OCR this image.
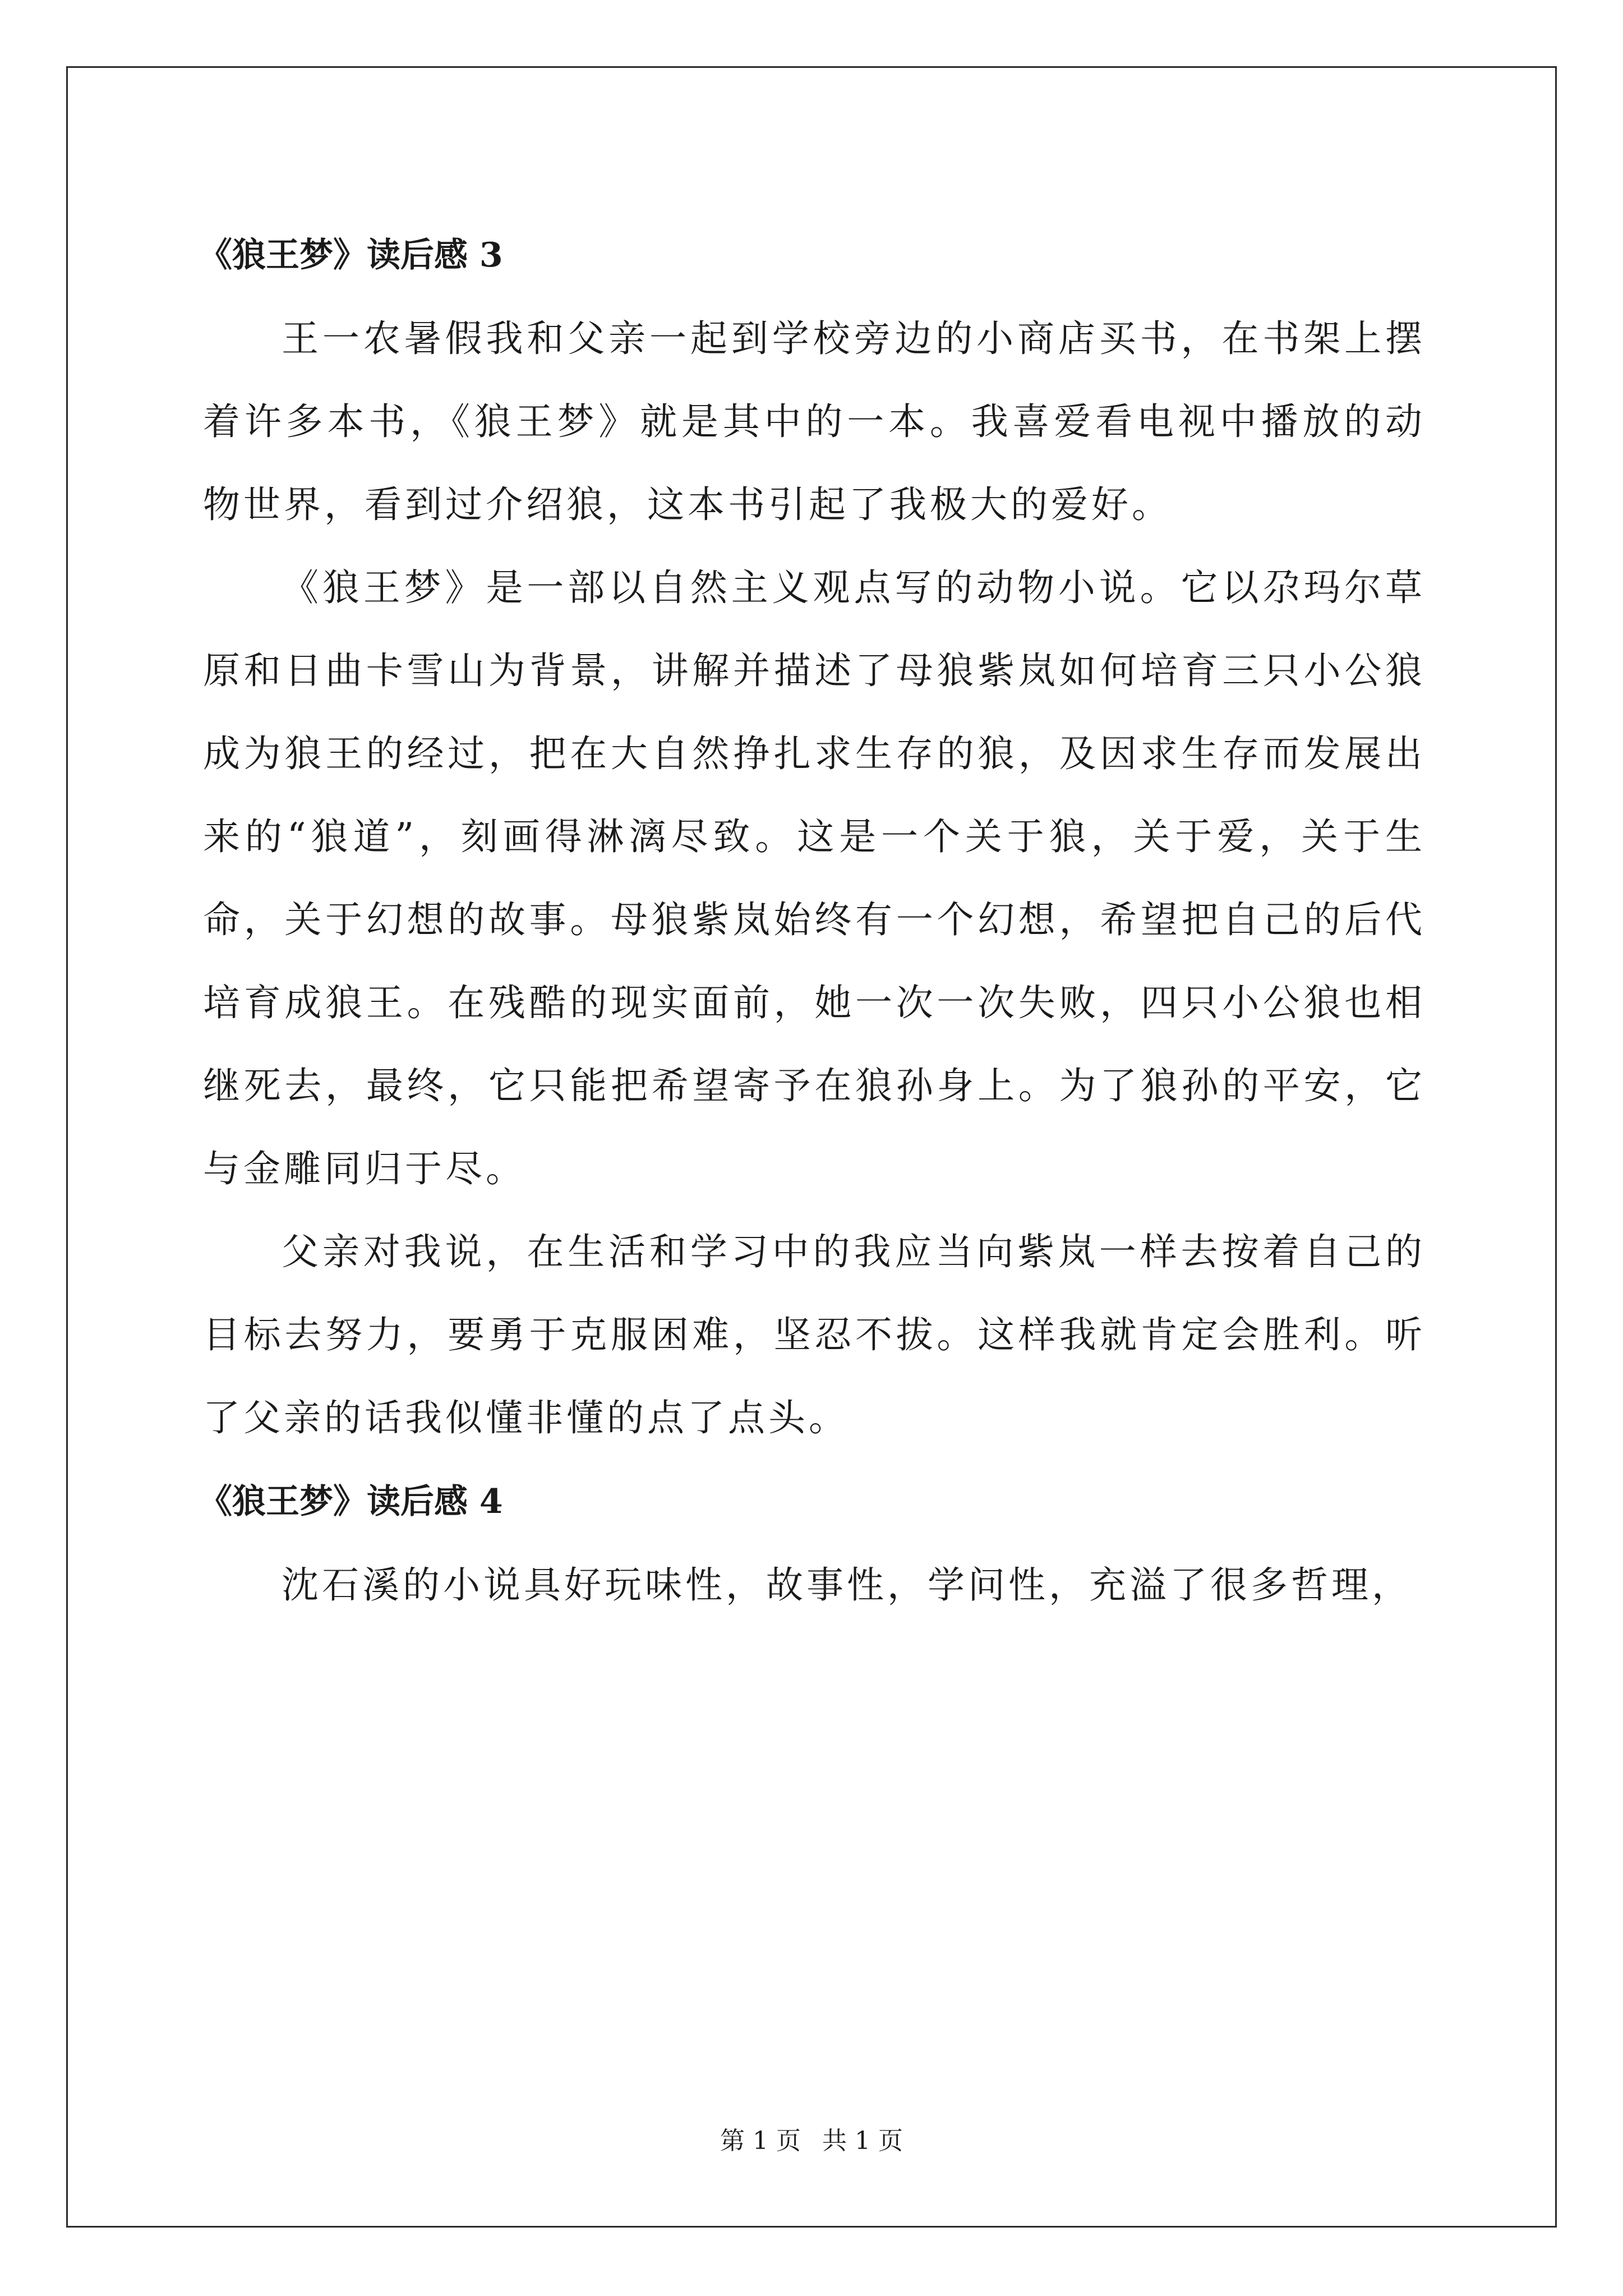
《狼王梦》读后感 3

王一农暑假我和父亲一起到学校旁边的小商店买书，在书架上摆着许多本书，《狼王梦》就是其中的一本。我喜爱看电视中播放的动物世界，看到过介绍狼，这本书引起了我极大的爱好。

《狼王梦》是一部以自然主义观点写的动物小说。它以尕玛尔草原和日曲卡雪山为背景，讲解并描述了母狼紫岚如何培育三只小公狼成为狼王的经过，把在大自然挣扎求生存的狼，及因求生存而发展出来的“狼道”，刻画得淋漓尽致。这是一个关于狼，关于爱，关于生命，关于幻想的故事。母狼紫岚始终有一个幻想，希望把自己的后代培育成狼王。在残酷的现实面前，她一次一次失败，四只小公狼也相继死去，最终，它只能把希望寄予在狼孙身上。为了狼孙的平安，它与金雕同归于尽。

父亲对我说，在生活和学习中的我应当向紫岚一样去按着自己的目标去努力，要勇于克服困难，坚忍不拔。这样我就肯定会胜利。听了父亲的话我似懂非懂的点了点头。

《狼王梦》读后感 4

沈石溪的小说具好玩味性，故事性，学问性，充溢了很多哲理，

第 1 页 共 1 页
